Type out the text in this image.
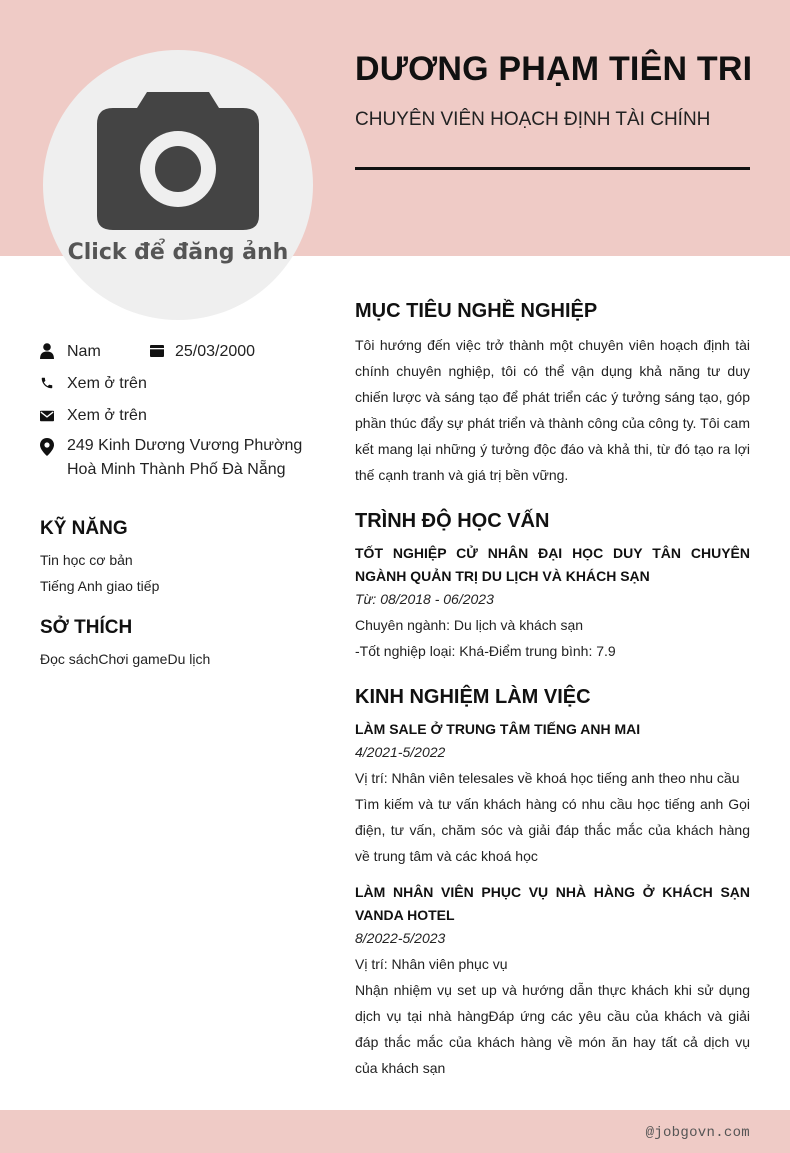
Click để đăng ảnh
DƯƠNG PHẠM TIÊN TRI
CHUYÊN VIÊN HOẠCH ĐỊNH TÀI CHÍNH
Nam	25/03/2000
Xem ở trên
Xem ở trên
249 Kinh Dương Vương Phường Hoà Minh Thành Phố Đà Nẵng
KỸ NĂNG
Tin học cơ bản
Tiếng Anh giao tiếp
SỞ THÍCH
Đọc sáchChơi gameDu lịch
MỤC TIÊU NGHỀ NGHIỆP
Tôi hướng đến việc trở thành một chuyên viên hoạch định tài chính chuyên nghiệp, tôi có thể vận dụng khả năng tư duy chiến lược và sáng tạo để phát triển các ý tưởng sáng tạo, góp phần thúc đẩy sự phát triển và thành công của công ty. Tôi cam kết mang lại những ý tưởng độc đáo và khả thi, từ đó tạo ra lợi thế cạnh tranh và giá trị bền vững.
TRÌNH ĐỘ HỌC VẤN
TỐT NGHIỆP CỬ NHÂN ĐẠI HỌC DUY TÂN CHUYÊN NGÀNH QUẢN TRỊ DU LỊCH VÀ KHÁCH SẠN
Từ: 08/2018 - 06/2023
Chuyên ngành: Du lịch và khách sạn
-Tốt nghiệp loại: Khá-Điểm trung bình: 7.9
KINH NGHIỆM LÀM VIỆC
LÀM SALE Ở TRUNG TÂM TIẾNG ANH MAI
4/2021-5/2022
Vị trí: Nhân viên telesales về khoá học tiếng anh theo nhu cầu
Tìm kiếm và tư vấn khách hàng có nhu cầu học tiếng anh Gọi điện, tư vấn, chăm sóc và giải đáp thắc mắc của khách hàng về trung tâm và các khoá học
LÀM NHÂN VIÊN PHỤC VỤ NHÀ HÀNG Ở KHÁCH SẠN VANDA HOTEL
8/2022-5/2023
Vị trí: Nhân viên phục vụ
Nhận nhiệm vụ set up và hướng dẫn thực khách khi sử dụng dịch vụ tại nhà hàngĐáp ứng các yêu cầu của khách và giải đáp thắc mắc của khách hàng về món ăn hay tất cả dịch vụ của khách sạn
@jobgovn.com
